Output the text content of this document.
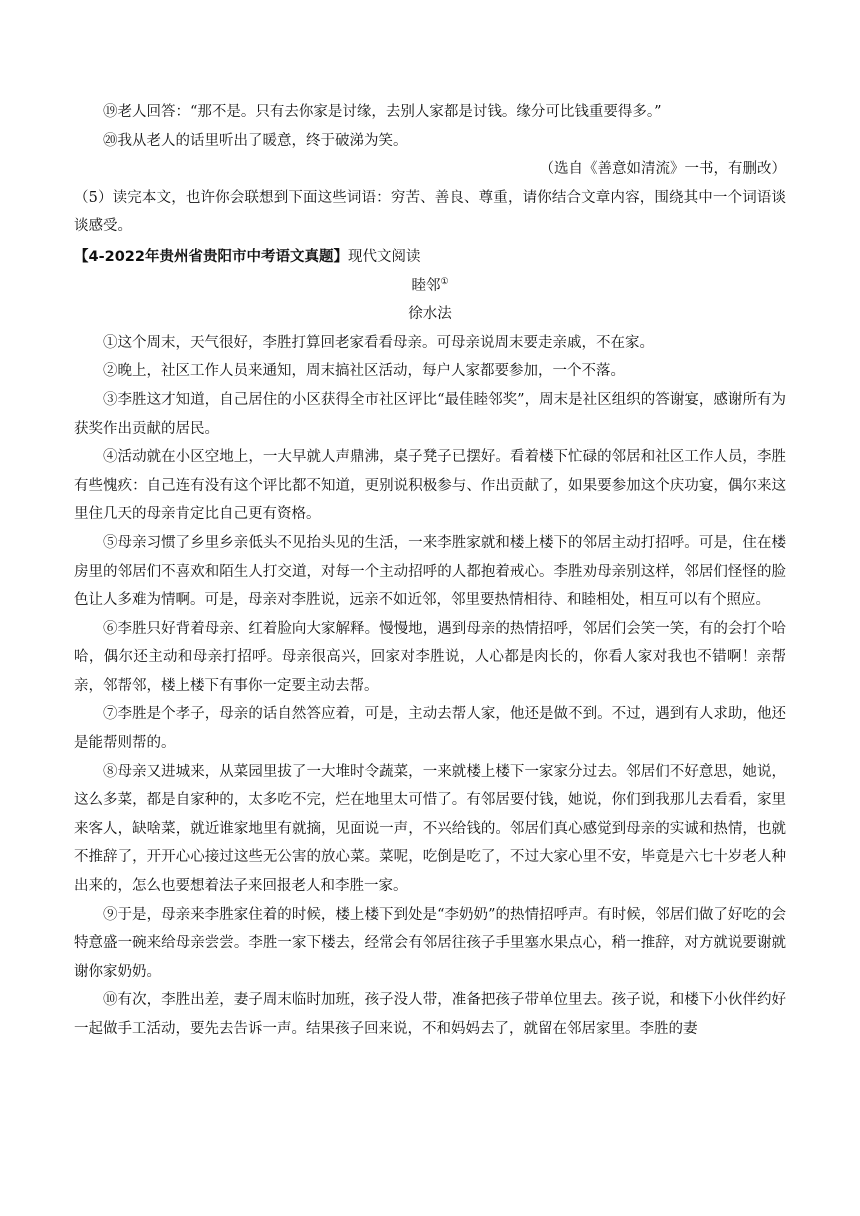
⑲老人回答：“那不是。只有去你家是讨缘，去别人家都是讨钱。缘分可比钱重要得多。”

⑳我从老人的话里听出了暖意，终于破涕为笑。

（选自《善意如清流》一书，有删改）

（5）读完本文，也许你会联想到下面这些词语：穷苦、善良、尊重，请你结合文章内容，围绕其中一个词语谈谈感受。

【4-2022年贵州省贵阳市中考语文真题】现代文阅读

睦邻①

徐水法

①这个周末，天气很好，李胜打算回老家看看母亲。可母亲说周末要走亲戚，不在家。

②晚上，社区工作人员来通知，周末搞社区活动，每户人家都要参加，一个不落。

③李胜这才知道，自己居住的小区获得全市社区评比“最佳睦邻奖”，周末是社区组织的答谢宴，感谢所有为获奖作出贡献的居民。

④活动就在小区空地上，一大早就人声鼎沸，桌子凳子已摆好。看着楼下忙碌的邻居和社区工作人员，李胜有些愧疚：自己连有没有这个评比都不知道，更别说积极参与、作出贡献了，如果要参加这个庆功宴，偶尔来这里住几天的母亲肯定比自己更有资格。

⑤母亲习惯了乡里乡亲低头不见抬头见的生活，一来李胜家就和楼上楼下的邻居主动打招呼。可是，住在楼房里的邻居们不喜欢和陌生人打交道，对每一个主动招呼的人都抱着戒心。李胜劝母亲别这样，邻居们怪怪的脸色让人多难为情啊。可是，母亲对李胜说，远亲不如近邻，邻里要热情相待、和睦相处，相互可以有个照应。

⑥李胜只好背着母亲、红着脸向大家解释。慢慢地，遇到母亲的热情招呼，邻居们会笑一笑，有的会打个哈哈，偶尔还主动和母亲打招呼。母亲很高兴，回家对李胜说，人心都是肉长的，你看人家对我也不错啊！亲帮亲，邻帮邻，楼上楼下有事你一定要主动去帮。

⑦李胜是个孝子，母亲的话自然答应着，可是，主动去帮人家，他还是做不到。不过，遇到有人求助，他还是能帮则帮的。

⑧母亲又进城来，从菜园里拔了一大堆时令蔬菜，一来就楼上楼下一家家分过去。邻居们不好意思，她说，这么多菜，都是自家种的，太多吃不完，烂在地里太可惜了。有邻居要付钱，她说，你们到我那儿去看看，家里来客人，缺啥菜，就近谁家地里有就摘，见面说一声，不兴给钱的。邻居们真心感觉到母亲的实诚和热情，也就不推辞了，开开心心接过这些无公害的放心菜。菜呢，吃倒是吃了，不过大家心里不安，毕竟是六七十岁老人种出来的，怎么也要想着法子来回报老人和李胜一家。

⑨于是，母亲来李胜家住着的时候，楼上楼下到处是“李奶奶”的热情招呼声。有时候，邻居们做了好吃的会特意盛一碗来给母亲尝尝。李胜一家下楼去，经常会有邻居往孩子手里塞水果点心，稍一推辞，对方就说要谢就谢你家奶奶。

⑩有次，李胜出差，妻子周末临时加班，孩子没人带，准备把孩子带单位里去。孩子说，和楼下小伙伴约好一起做手工活动，要先去告诉一声。结果孩子回来说，不和妈妈去了，就留在邻居家里。李胜的妻
